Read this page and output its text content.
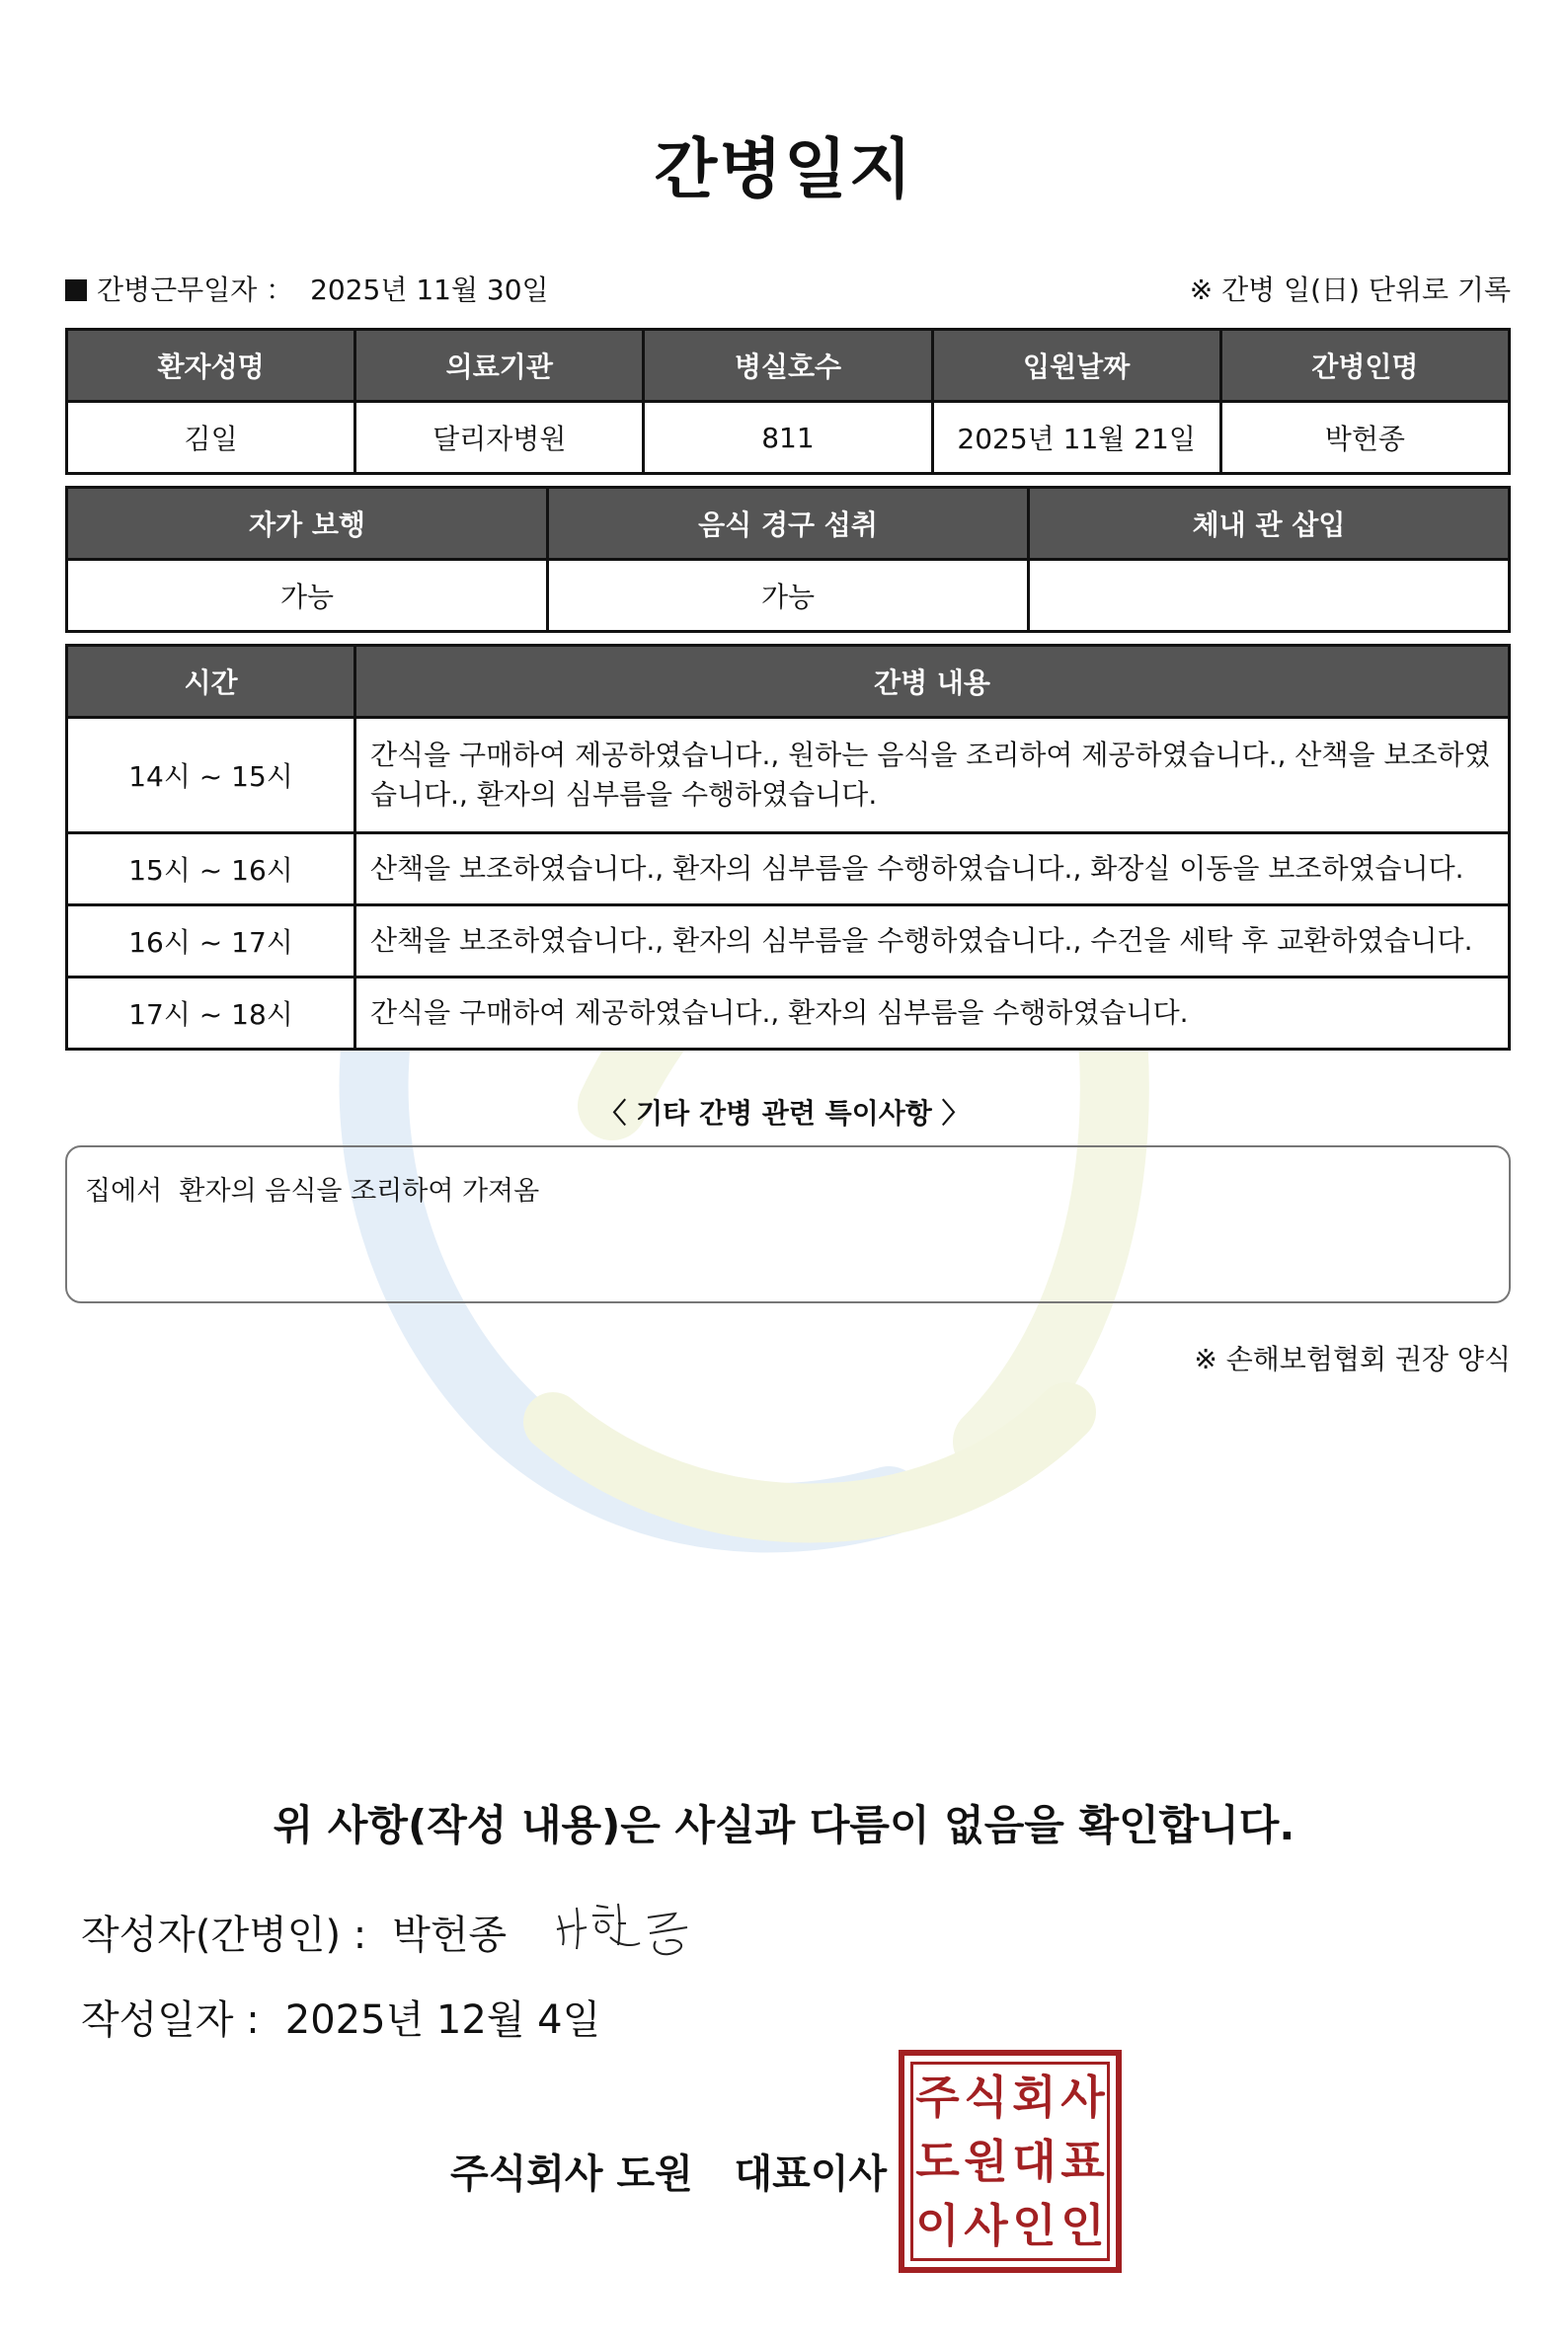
간병일지
간병근무일자 ： 2025년 11월 30일	※ 간병 일(日) 단위로 기록
환자성명	의료기관	병실호수	입원날짜	간병인명
김일	달리자병원	811	2025년 11월 21일	박헌종
자가 보행	음식 경구 섭취	체내 관 삽입
가능	가능	
시간	간병 내용
14시 ~ 15시	간식을 구매하여 제공하였습니다., 원하는 음식을 조리하여 제공하였습니다., 산책을 보조하였습니다., 환자의 심부름을 수행하였습니다.
15시 ~ 16시	산책을 보조하였습니다., 환자의 심부름을 수행하였습니다., 화장실 이동을 보조하였습니다.
16시 ~ 17시	산책을 보조하였습니다., 환자의 심부름을 수행하였습니다., 수건을 세탁 후 교환하였습니다.
17시 ~ 18시	간식을 구매하여 제공하였습니다., 환자의 심부름을 수행하였습니다.
〈 기타 간병 관련 특이사항 〉
집에서  환자의 음식을 조리하여 가져옴
※ 손해보험협회 권장 양식
위 사항(작성 내용)은 사실과 다름이 없음을 확인합니다.
작성자(간병인) : 박헌종
작성일자 : 2025년 12월 4일
주식회사 도원   대표이사
주 식 회 사
도 원 대 표
이 사 인 인
